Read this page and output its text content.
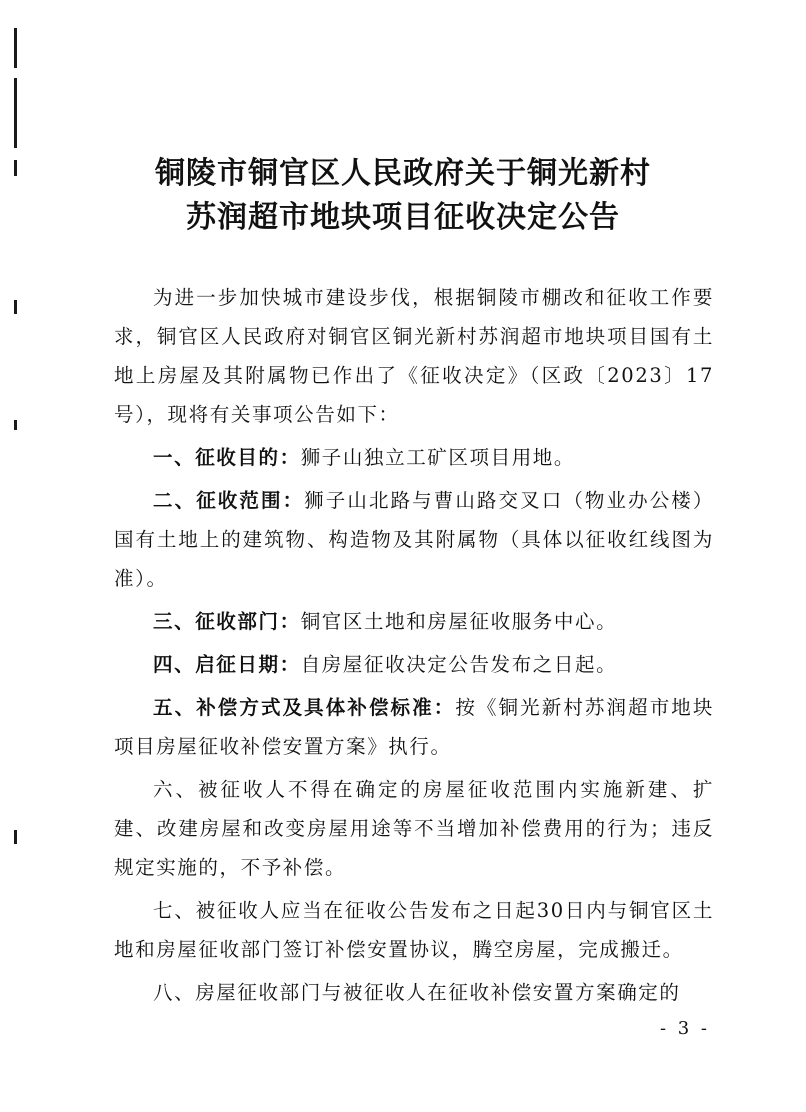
铜陵市铜官区人民政府关于铜光新村
苏润超市地块项目征收决定公告

为进一步加快城市建设步伐，根据铜陵市棚改和征收工作要求，铜官区人民政府对铜官区铜光新村苏润超市地块项目国有土地上房屋及其附属物已作出了《征收决定》（区政〔2023〕17号），现将有关事项公告如下：

一、征收目的：狮子山独立工矿区项目用地。

二、征收范围：狮子山北路与曹山路交叉口（物业办公楼）国有土地上的建筑物、构造物及其附属物（具体以征收红线图为准）。

三、征收部门：铜官区土地和房屋征收服务中心。

四、启征日期：自房屋征收决定公告发布之日起。

五、补偿方式及具体补偿标准：按《铜光新村苏润超市地块项目房屋征收补偿安置方案》执行。

六、被征收人不得在确定的房屋征收范围内实施新建、扩建、改建房屋和改变房屋用途等不当增加补偿费用的行为；违反规定实施的，不予补偿。

七、被征收人应当在征收公告发布之日起30日内与铜官区土地和房屋征收部门签订补偿安置协议，腾空房屋，完成搬迁。

八、房屋征收部门与被征收人在征收补偿安置方案确定的

- 3 -
